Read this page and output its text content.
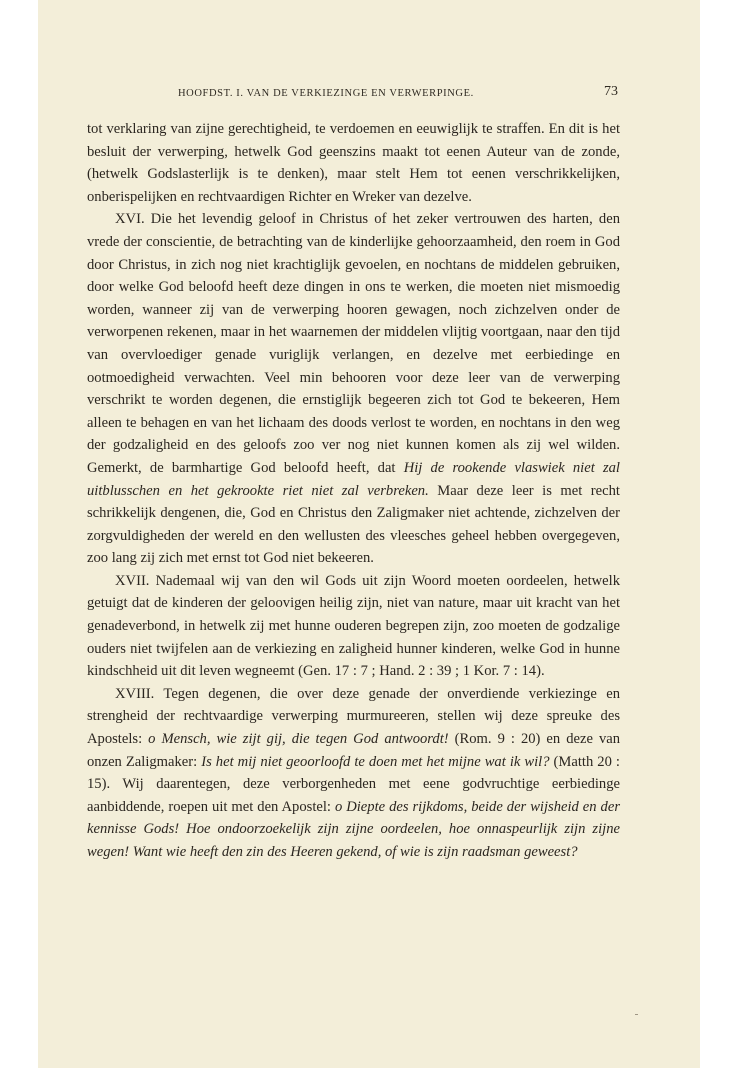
HOOFDST. I. VAN DE VERKIEZINGE EN VERWERPINGE.	73

tot verklaring van zijne gerechtigheid, te verdoemen en eeuwiglijk te straffen. En dit is het besluit der verwerping, hetwelk God geenszins maakt tot eenen Auteur van de zonde, (hetwelk Godslasterlijk is te denken), maar stelt Hem tot eenen verschrikkelijken, onberispelijken en rechtvaardigen Richter en Wreker van dezelve.

XVI. Die het levendig geloof in Christus of het zeker vertrouwen des harten, den vrede der conscientie, de betrachting van de kinderlijke gehoorzaamheid, den roem in God door Christus, in zich nog niet krachtiglijk gevoelen, en nochtans de middelen gebruiken, door welke God beloofd heeft deze dingen in ons te werken, die moeten niet mismoedig worden, wanneer zij van de verwerping hooren gewagen, noch zichzelven onder de verworpenen rekenen, maar in het waarnemen der middelen vlijtig voortgaan, naar den tijd van overvloediger genade vuriglijk verlangen, en dezelve met eerbiedinge en ootmoedigheid verwachten. Veel min behooren voor deze leer van de verwerping verschrikt te worden degenen, die ernstiglijk begeeren zich tot God te bekeeren, Hem alleen te behagen en van het lichaam des doods verlost te worden, en nochtans in den weg der godzaligheid en des geloofs zoo ver nog niet kunnen komen als zij wel wilden. Gemerkt, de barmhartige God beloofd heeft, dat Hij de rookende vlaswiek niet zal uitblusschen en het gekrookte riet niet zal verbreken. Maar deze leer is met recht schrikkelijk dengenen, die, God en Christus den Zaligmaker niet achtende, zichzelven der zorgvuldigheden der wereld en den wellusten des vleesches geheel hebben overgegeven, zoo lang zij zich met ernst tot God niet bekeeren.

XVII. Nademaal wij van den wil Gods uit zijn Woord moeten oordeelen, hetwelk getuigt dat de kinderen der geloovigen heilig zijn, niet van nature, maar uit kracht van het genadeverbond, in hetwelk zij met hunne ouderen begrepen zijn, zoo moeten de godzalige ouders niet twijfelen aan de verkiezing en zaligheid hunner kinderen, welke God in hunne kindschheid uit dit leven wegneemt (Gen. 17 : 7 ; Hand. 2 : 39 ; 1 Kor. 7 : 14).

XVIII. Tegen degenen, die over deze genade der onverdiende verkiezinge en strengheid der rechtvaardige verwerping murmureeren, stellen wij deze spreuke des Apostels: o Mensch, wie zijt gij, die tegen God antwoordt! (Rom. 9 : 20) en deze van onzen Zaligmaker: Is het mij niet geoorloofd te doen met het mijne wat ik wil? (Matth 20 : 15). Wij daarentegen, deze verborgenheden met eene godvruchtige eerbiedinge aanbiddende, roepen uit met den Apostel: o Diepte des rijkdoms, beide der wijsheid en der kennisse Gods! Hoe ondoorzoekelijk zijn zijne oordeelen, hoe onnaspeurlijk zijn zijne wegen! Want wie heeft den zin des Heeren gekend, of wie is zijn raadsman geweest?
